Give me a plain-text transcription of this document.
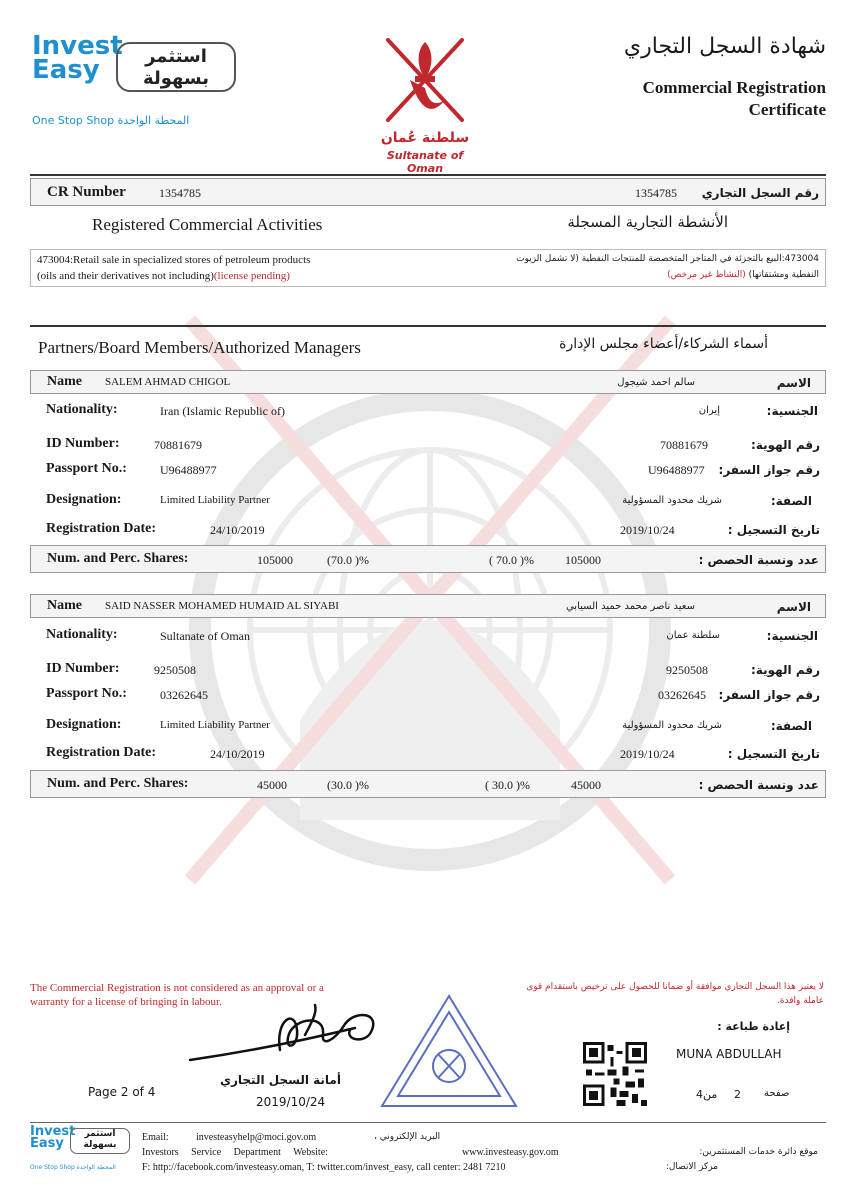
Invest
Easy	استثمر بسهولة
One Stop Shop المحطة الواحدة
سلطنة عُمان
Sultanate of Oman
شهادة السجل التجاري
Commercial Registration
Certificate
CR Number	1354785	1354785 رقم السجل التجاري
Registered Commercial Activities	الأنشطة التجارية المسجلة
473004:Retail sale in specialized stores of petroleum products
(oils and their derivatives not including)(license pending)
473004:البيع بالتجزئة في المتاجر المتخصصة للمنتجات النفطية (لا تشمل الزيوت
النفطية ومشتقاتها) (النشاط غير مرخص)
Partners/Board Members/Authorized Managers	أسماء الشركاء/أعضاء مجلس الإدارة
Name SALEM AHMAD CHIGOL	سالم احمد شيجول	الاسم
Nationality:	Iran (Islamic Republic of)	إيران	الجنسية:
ID Number:	70881679	70881679	رقم الهوية:
Passport No.:	U96488977	U96488977 رقم جواز السفر:
Designation:	Limited Liability Partner	شريك محدود المسؤولية	الصفة:
Registration Date:	24/10/2019	2019/10/24	تاريخ التسجيل :
Num. and Perc. Shares:	105000	(70.0 )%	( 70.0 )%	105000	عدد ونسبة الحصص :
Name SAID NASSER MOHAMED HUMAID AL SIYABI	سعيد ناصر محمد حميد السيابي	الاسم
Nationality:	Sultanate of Oman	سلطنة عمان	الجنسية:
ID Number:	9250508	9250508	رقم الهوية:
Passport No.:	03262645	03262645 رقم جواز السفر:
Designation:	Limited Liability Partner	شريك محدود المسؤولية	الصفة:
Registration Date:	24/10/2019	2019/10/24	تاريخ التسجيل :
Num. and Perc. Shares:	45000	(30.0 )%	( 30.0 )%	45000	عدد ونسبة الحصص :
The Commercial Registration is not considered as an approval or a
warranty for a license of bringing in labour.
لا يعتبر هذا السجل التجاري موافقة أو ضمانا للحصول على ترخيص باستقدام قوى
عاملة وافدة.
إعادة طباعة :
MUNA ABDULLAH
أمانة السجل التجاري
2019/10/24
Page 2 of 4	من4 2 صفحة
Invest
Easy
استثمر بسهولة
One Stop Shop المحطة الواحدة
Email:	investeasyhelp@moci.gov.om	البريد الإلكتروني ،
Investors Service Department Website:	www.investeasy.gov.om	موقع دائرة خدمات المستثمرين:
F: http://facebook.com/investeasy.oman, T: twitter.com/invest_easy, call center: 2481 7210	مركز الاتصال:
